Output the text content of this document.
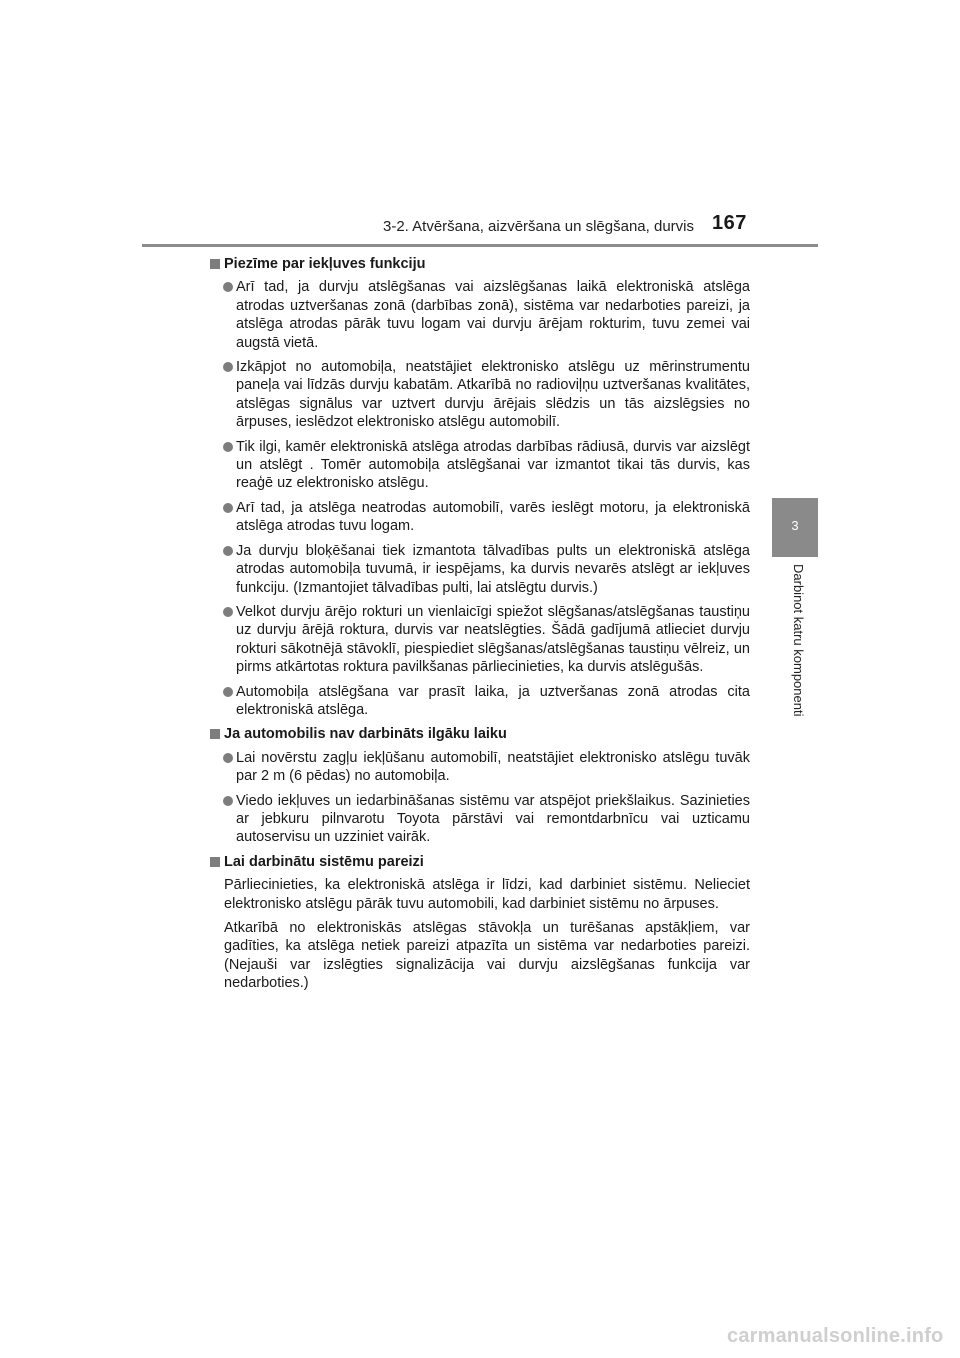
3-2. Atvēršana, aizvēršana un slēgšana, durvis 167
3
Darbinot katru komponenti
Piezīme par iekļuves funkciju
Arī tad, ja durvju atslēgšanas vai aizslēgšanas laikā elektroniskā atslēga atrodas uztveršanas zonā (darbības zonā), sistēma var nedarboties pareizi, ja atslēga atrodas pārāk tuvu logam vai durvju ārējam rokturim, tuvu zemei vai augstā vietā.
Izkāpjot no automobiļa, neatstājiet elektronisko atslēgu uz mērinstrumentu paneļa vai līdzās durvju kabatām. Atkarībā no radioviļņu uztveršanas kvalitātes, atslēgas signālus var uztvert durvju ārējais slēdzis un tās aizslēgsies no ārpuses, ieslēdzot elektronisko atslēgu automobilī.
Tik ilgi, kamēr elektroniskā atslēga atrodas darbības rādiusā, durvis var aizslēgt un atslēgt . Tomēr automobiļa atslēgšanai var izmantot tikai tās durvis, kas reaģē uz elektronisko atslēgu.
Arī tad, ja atslēga neatrodas automobilī, varēs ieslēgt motoru, ja elektroniskā atslēga atrodas tuvu logam.
Ja durvju bloķēšanai tiek izmantota tālvadības pults un elektroniskā atslēga atrodas automobiļa tuvumā, ir iespējams, ka durvis nevarēs atslēgt ar iekļuves funkciju. (Izmantojiet tālvadības pulti, lai atslēgtu durvis.)
Velkot durvju ārējo rokturi un vienlaicīgi spiežot slēgšanas/atslēgšanas taustiņu uz durvju ārējā roktura, durvis var neatslēgties. Šādā gadījumā atlieciet durvju rokturi sākotnējā stāvoklī, piespiediet slēgšanas/atslēgšanas taustiņu vēlreiz, un pirms atkārtotas roktura pavilkšanas pārliecinieties, ka durvis atslēgušās.
Automobiļa atslēgšana var prasīt laika, ja uztveršanas zonā atrodas cita elektroniskā atslēga.
Ja automobilis nav darbināts ilgāku laiku
Lai novērstu zagļu iekļūšanu automobilī, neatstājiet elektronisko atslēgu tuvāk par 2 m (6 pēdas) no automobiļa.
Viedo iekļuves un iedarbināšanas sistēmu var atspējot priekšlaikus. Sazinieties ar jebkuru pilnvarotu Toyota pārstāvi vai remontdarbnīcu vai uzticamu autoservisu un uzziniet vairāk.
Lai darbinātu sistēmu pareizi
Pārliecinieties, ka elektroniskā atslēga ir līdzi, kad darbiniet sistēmu. Nelieciet elektronisko atslēgu pārāk tuvu automobili, kad darbiniet sistēmu no ārpuses.
Atkarībā no elektroniskās atslēgas stāvokļa un turēšanas apstākļiem, var gadīties, ka atslēga netiek pareizi atpazīta un sistēma var nedarboties pareizi. (Nejauši var izslēgties signalizācija vai durvju aizslēgšanas funkcija var nedarboties.)
carmanualsonline.info
